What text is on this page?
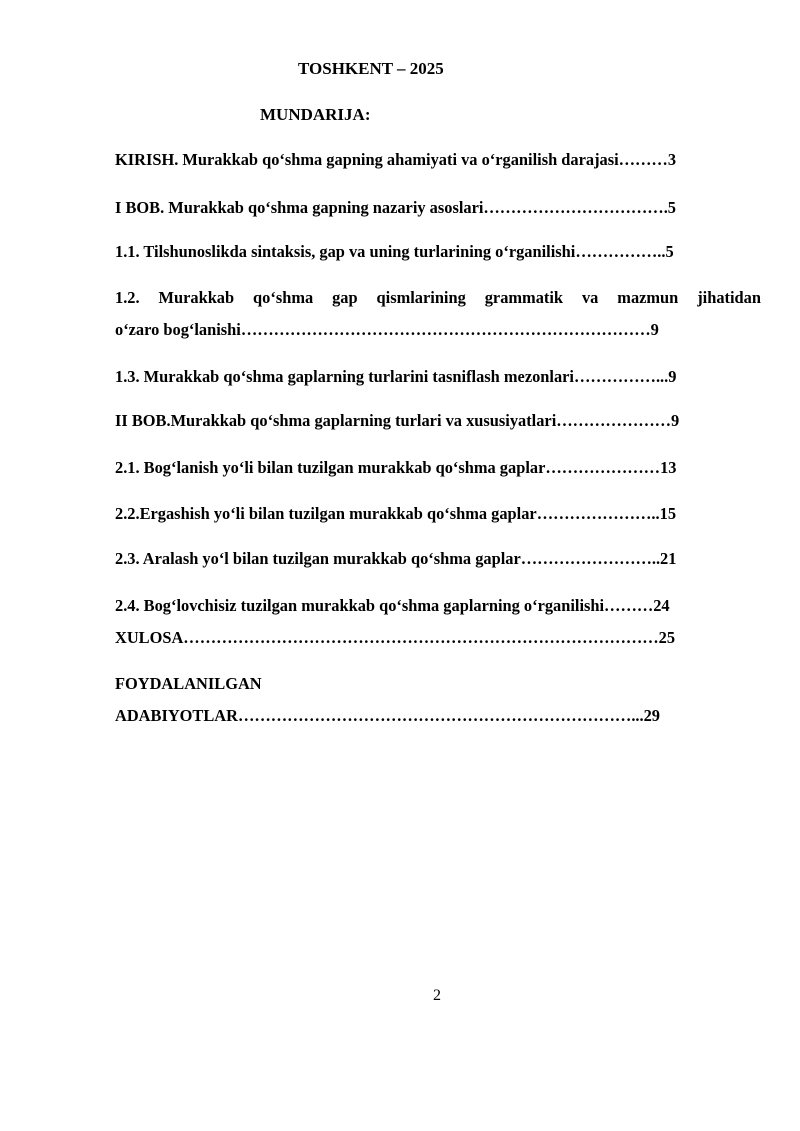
TOSHKENT – 2025
MUNDARIJA:
KIRISH. Murakkab qo‘shma gapning ahamiyati va o‘rganilish darajasi………3
I BOB. Murakkab qo‘shma gapning nazariy asoslari…………………………….5
1.1. Tilshunoslikda sintaksis, gap va uning turlarining o‘rganilishi……………..5
1.2. Murakkab qo‘shma gap qismlarining grammatik va mazmun jihatidan
o‘zaro bog‘lanishi…………………………………………………………………9
1.3. Murakkab qo‘shma gaplarning turlarini tasniflash mezonlari……………...9
II BOB.Murakkab qo‘shma gaplarning turlari va xususiyatlari…………………9
2.1. Bog‘lanish yo‘li bilan tuzilgan murakkab qo‘shma gaplar…………………13
2.2.Ergashish yo‘li bilan tuzilgan murakkab qo‘shma gaplar…………………..15
2.3. Aralash yo‘l bilan tuzilgan murakkab qo‘shma gaplar……………………..21
2.4. Bog‘lovchisiz tuzilgan murakkab qo‘shma gaplarning o‘rganilishi………24
XULOSA……………………………………………………………………………25
FOYDALANILGAN
ADABIYOTLAR………………………………………………………………...29
2
